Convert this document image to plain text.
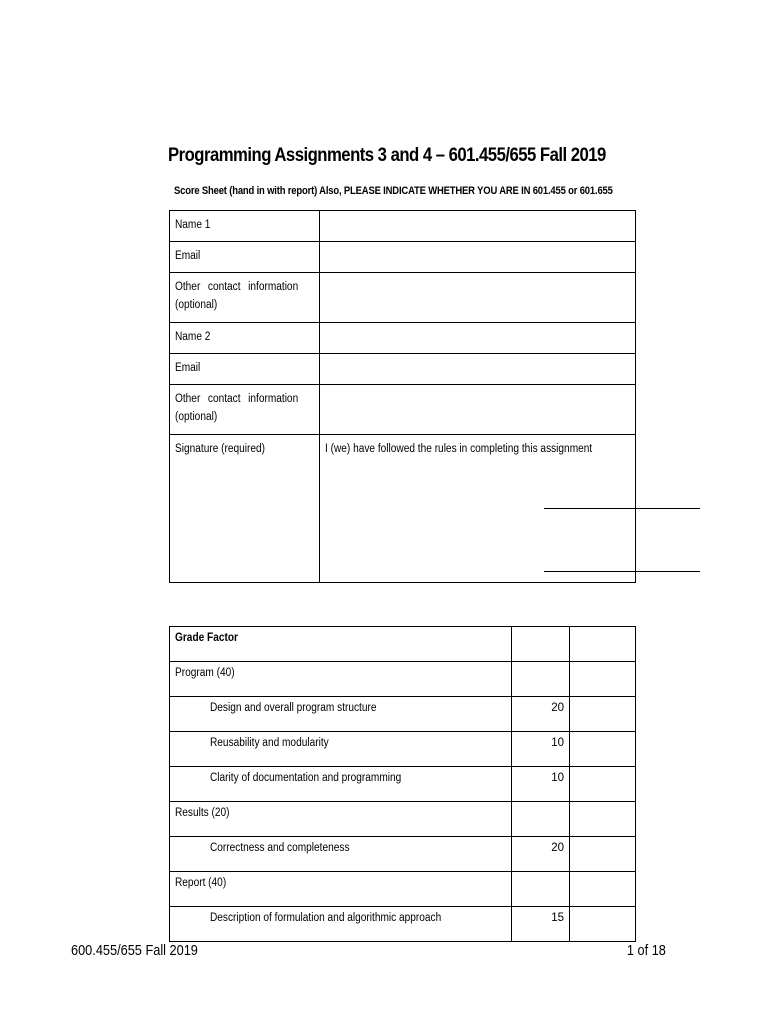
Programming Assignments 3 and 4 – 601.455/655 Fall 2019
Score Sheet (hand in with report) Also, PLEASE INDICATE WHETHER YOU ARE IN 601.455 or 601.655
Name 1	
Email	

Other contact information (optional)	

Name 2	
Email	

Other contact information (optional)	

Signature (required)	I (we) have followed the rules in completing this assignment
Grade Factor		
Program (40)		
Design and overall program structure	20	
Reusability and modularity	10	
Clarity of documentation and programming	10	
Results (20)		
Correctness and completeness	20	
Report (40)		
Description of formulation and algorithmic approach	15	
600.455/655 Fall 2019	1 of 18
